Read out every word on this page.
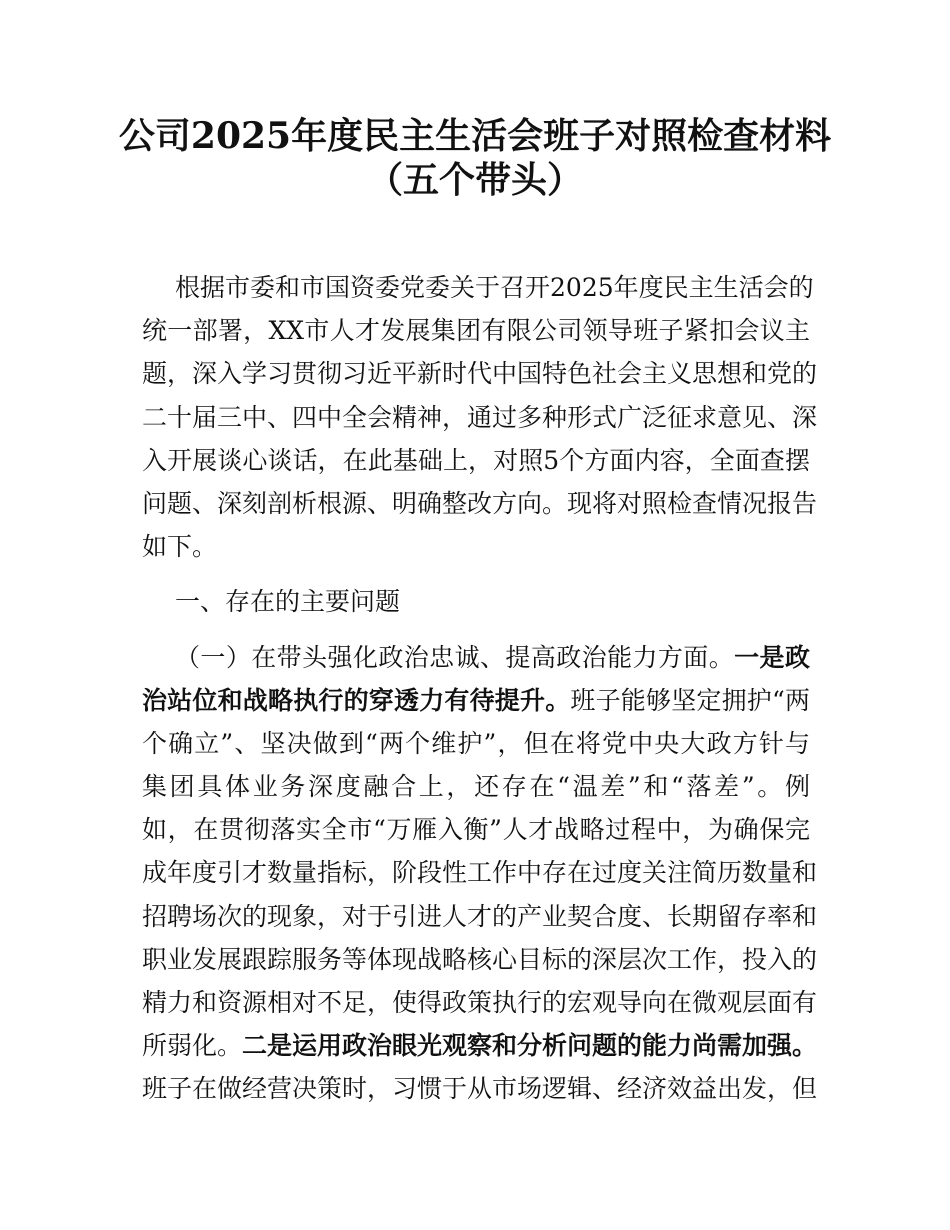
公司2025年度民主生活会班子对照检查材料
（五个带头）
根据市委和市国资委党委关于召开2025年度民主生活会的
统一部署，XX市人才发展集团有限公司领导班子紧扣会议主
题，深入学习贯彻习近平新时代中国特色社会主义思想和党的
二十届三中、四中全会精神，通过多种形式广泛征求意见、深
入开展谈心谈话，在此基础上，对照5个方面内容，全面查摆
问题、深刻剖析根源、明确整改方向。现将对照检查情况报告
如下。
一、存在的主要问题
（一）在带头强化政治忠诚、提高政治能力方面。一是政
治站位和战略执行的穿透力有待提升。班子能够坚定拥护“两
个确立”、坚决做到“两个维护”，但在将党中央大政方针与
集团具体业务深度融合上，还存在“温差”和“落差”。例
如，在贯彻落实全市“万雁入衡”人才战略过程中，为确保完
成年度引才数量指标，阶段性工作中存在过度关注简历数量和
招聘场次的现象，对于引进人才的产业契合度、长期留存率和
职业发展跟踪服务等体现战略核心目标的深层次工作，投入的
精力和资源相对不足，使得政策执行的宏观导向在微观层面有
所弱化。二是运用政治眼光观察和分析问题的能力尚需加强。
班子在做经营决策时，习惯于从市场逻辑、经济效益出发，但
